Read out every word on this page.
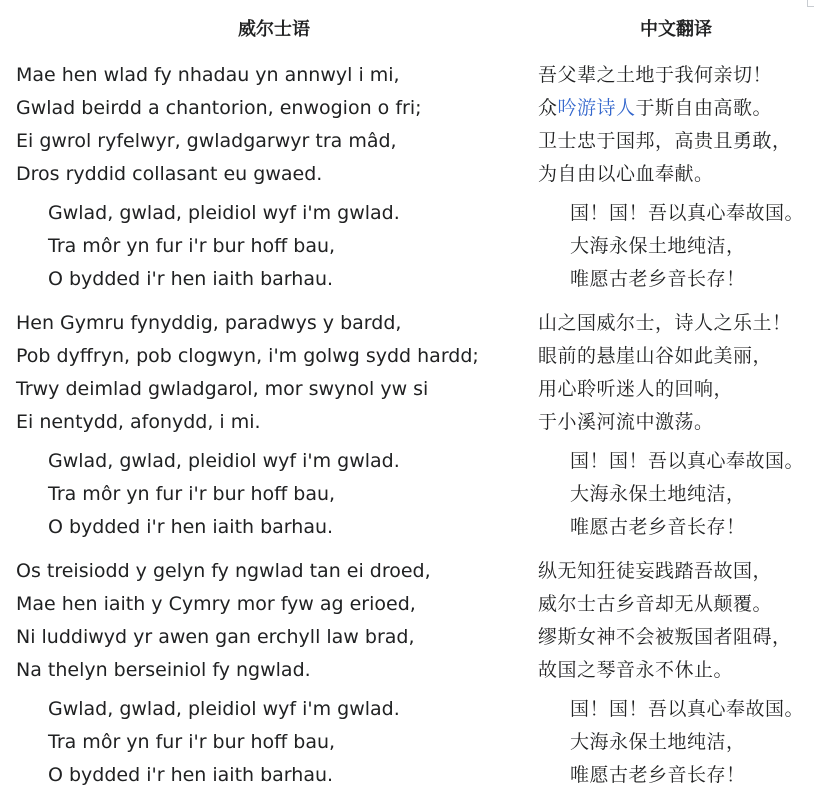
威尔士语	中文翻译
Mae hen wlad fy nhadau yn annwyl i mi,
Gwlad beirdd a chantorion, enwogion o fri;
Ei gwrol ryfelwyr, gwladgarwyr tra mâd,
Dros ryddid collasant eu gwaed.
Gwlad, gwlad, pleidiol wyf i'm gwlad.
Tra môr yn fur i'r bur hoff bau,
O bydded i'r hen iaith barhau.
Hen Gymru fynyddig, paradwys y bardd,
Pob dyffryn, pob clogwyn, i'm golwg sydd hardd;
Trwy deimlad gwladgarol, mor swynol yw si
Ei nentydd, afonydd, i mi.
Gwlad, gwlad, pleidiol wyf i'm gwlad.
Tra môr yn fur i'r bur hoff bau,
O bydded i'r hen iaith barhau.
Os treisiodd y gelyn fy ngwlad tan ei droed,
Mae hen iaith y Cymry mor fyw ag erioed,
Ni luddiwyd yr awen gan erchyll law brad,
Na thelyn berseiniol fy ngwlad.
Gwlad, gwlad, pleidiol wyf i'm gwlad.
Tra môr yn fur i'r bur hoff bau,
O bydded i'r hen iaith barhau.
吾父辈之土地于我何亲切！
众吟游诗人于斯自由高歌。
卫士忠于国邦，高贵且勇敢，
为自由以心血奉献。
国！国！吾以真心奉故国。
大海永保土地纯洁，
唯愿古老乡音长存！
山之国威尔士，诗人之乐土！
眼前的悬崖山谷如此美丽，
用心聆听迷人的回响，
于小溪河流中激荡。
国！国！吾以真心奉故国。
大海永保土地纯洁，
唯愿古老乡音长存！
纵无知狂徒妄践踏吾故国，
威尔士古乡音却无从颠覆。
缪斯女神不会被叛国者阻碍，
故国之琴音永不休止。
国！国！吾以真心奉故国。
大海永保土地纯洁，
唯愿古老乡音长存！
